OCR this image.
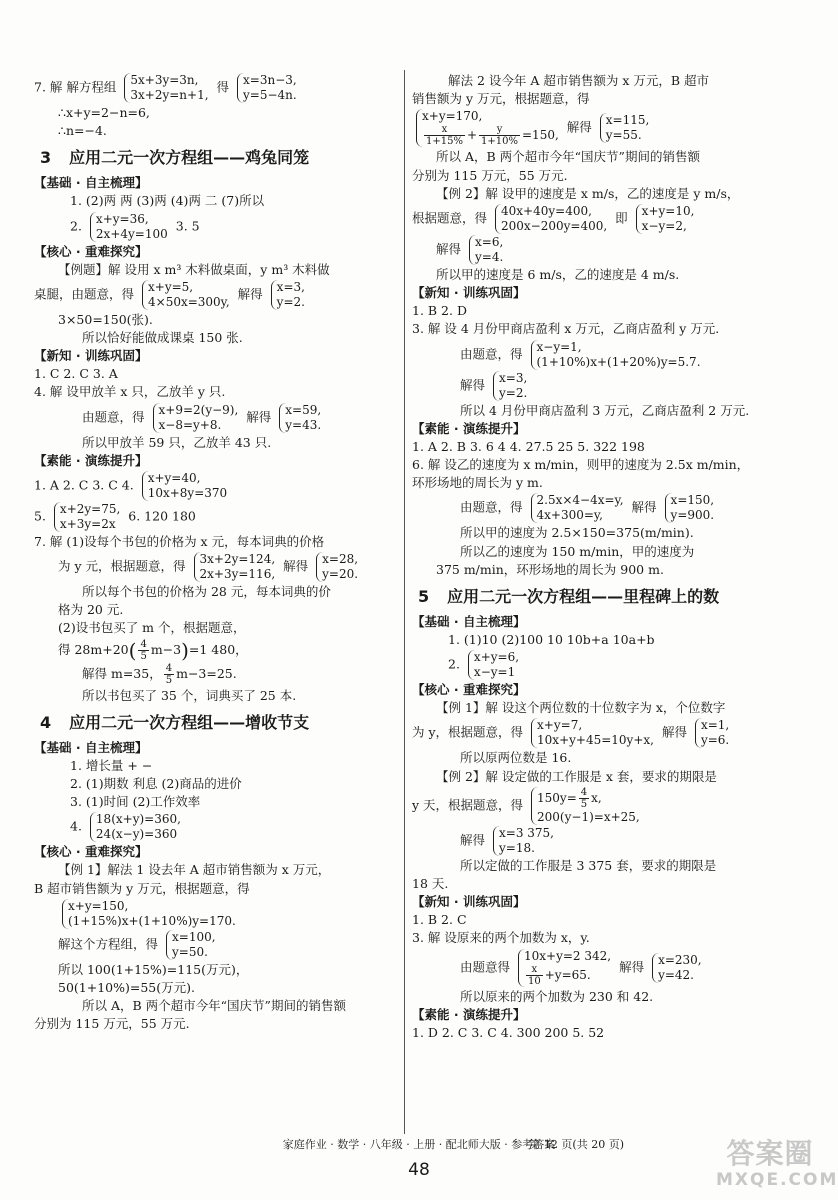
7. 解 解方程组 5x+3y=3n,
3x+2y=n+1,
得 x=3n−3,
y=5−4n.
∴x+y=2−n=6,
∴n=−4.
3 应用二元一次方程组——鸡兔同笼
【基础 · 自主梳理】
1. (2)两 两 (3)两 (4)两 二 (7)所以
2. x+y=36,
2x+4y=100
3. 5
【核心 · 重难探究】
【例题】解 设用 x m³ 木料做桌面，y m³ 木料做
桌腿，由题意，得 x+y=5,
4×50x=300y,
解得 x=3,
y=2.
3×50=150(张).
所以恰好能做成课桌 150 张.
【新知 · 训练巩固】
1. C 2. C 3. A
4. 解 设甲放羊 x 只，乙放羊 y 只.
由题意，得 x+9=2(y−9),
x−8=y+8.
解得 x=59,
y=43.
所以甲放羊 59 只，乙放羊 43 只.
【素能 · 演练提升】
1. A 2. C 3. C 4. x+y=40,
10x+8y=370
5. x+2y=75,
x+3y=2x
6. 120 180
7. 解 (1)设每个书包的价格为 x 元，每本词典的价格
为 y 元，根据题意，得 3x+2y=124,
2x+3y=116,
解得 x=28,
y=20.
所以每个书包的价格为 28 元，每本词典的价
格为 20 元.
(2)设书包买了 m 个，根据题意，
得 $28m+20( \frac{4}{5} m-3)=1$ 480，
解得 m=35， $\frac{4}{5} m-3=25$.
所以书包买了 35 个，词典买了 25 本.
4 应用二元一次方程组——增收节支
【基础 · 自主梳理】
1. 增长量 + −
2. (1)期数 利息 (2)商品的进价
3. (1)时间 (2)工作效率
4. 18(x+y)=360,
24(x−y)=360
【核心 · 重难探究】
【例 1】解法 1 设去年 A 超市销售额为 x 万元，
B 超市销售额为 y 万元，根据题意，得
x+y=150,
(1+15%)x+(1+10%)y=170.
解这个方程组，得 x=100,
y=50.
所以 100(1+15%)=115(万元)，
50(1+10%)=55(万元).
所以 A，B 两个超市今年“国庆节”期间的销售额
分别为 115 万元，55 万元.
解法 2 设今年 A 超市销售额为 x 万元，B 超市
销售额为 y 万元，根据题意，得
x+y=170,
$\frac{x}{1+15\%} + \frac{y}{1+10\%} =150$,
解得 x=115,
y=55.
所以 A，B 两个超市今年“国庆节”期间的销售额
分别为 115 万元，55 万元.
【例 2】解 设甲的速度是 x m/s，乙的速度是 y m/s，
根据题意，得 40x+40y=400,
200x−200y=400,
即 x+y=10,
x−y=2,
解得 x=6,
y=4.
所以甲的速度是 6 m/s，乙的速度是 4 m/s.
【新知 · 训练巩固】
1. B 2. D
3. 解 设 4 月份甲商店盈利 x 万元，乙商店盈利 y 万元.
由题意，得 x−y=1,
(1+10%)x+(1+20%)y=5.7.
解得 x=3,
y=2.
所以 4 月份甲商店盈利 3 万元，乙商店盈利 2 万元.
【素能 · 演练提升】
1. A 2. B 3. 6 4 4. 27.5 25 5. 322 198
6. 解 设乙的速度为 x m/min，则甲的速度为 2.5x m/min，
环形场地的周长为 y m.
由题意，得 2.5x×4−4x=y,
4x+300=y,
解得 x=150,
y=900.
所以甲的速度为 2.5×150=375(m/min).
所以乙的速度为 150 m/min，甲的速度为
375 m/min，环形场地的周长为 900 m.
5 应用二元一次方程组——里程碑上的数
【基础 · 自主梳理】
1. (1)10 (2)100 10 10b+a 10a+b
2. x+y=6,
x−y=1
【核心 · 重难探究】
【例 1】解 设这个两位数的十位数字为 x，个位数字
为 y，根据题意，得 x+y=7,
10x+y+45=10y+x,
解得 x=1,
y=6.
所以原两位数是 16.
【例 2】解 设定做的工作服是 x 套，要求的期限是
y 天，根据题意，得 $150y= \frac{4}{5} x$,
200(y−1)=x+25,
解得 x=3 375,
y=18.
所以定做的工作服是 3 375 套，要求的期限是
18 天.
【新知 · 训练巩固】
1. B 2. C
3. 解 设原来的两个加数为 x，y.
由题意得
10x+y=2 342,
$\frac{x}{10} +y=65$.
解得 x=230,
y=42.
所以原来的两个加数为 230 和 42.
【素能 · 演练提升】
1. D 2. C 3. C 4. 300 200 5. 52
家庭作业 · 数学 · 八年级 · 上册 · 配北师大版 · 参考答案
第 12 页(共 20 页)
48	答案圈
MXQE.COM
